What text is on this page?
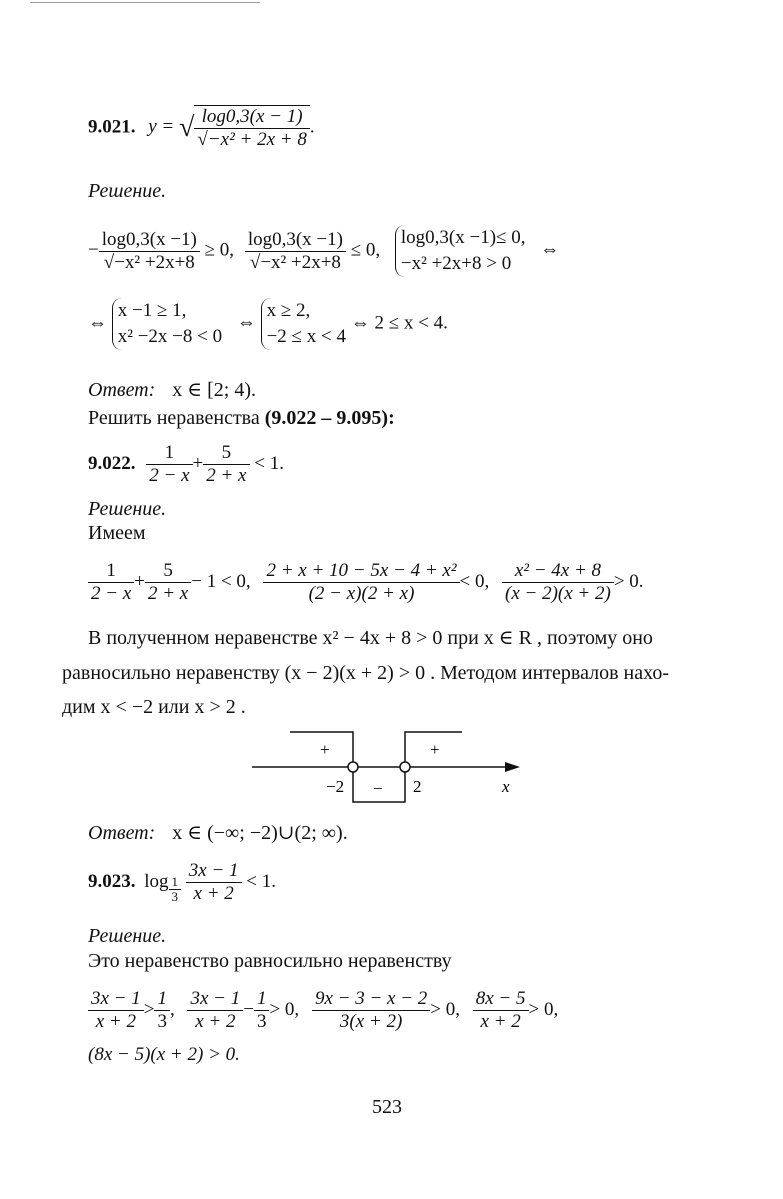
9.021. y = √ $\frac{\log 0,3(x - 1)}{\text{√−x² + 2x + 8}}$ .
Решение.
− $\frac{\log 0,3(x -1)}{\text{√−x² +2x+8}} \ge 0$, $\frac{\log 0,3(x -1)}{\text{√−x² +2x+8}} \le 0$,
log0,3(x −1)≤ 0,
−x² +2x+8 > 0
⇔
⇔
x −1 ≥ 1,
x² −2x −8 < 0
⇔
x ≥ 2,
−2 ≤ x < 4
⇔ 2 ≤ x < 4.
Ответ: x ∈ [2; 4).
Решить неравенства (9.022 – 9.095):
9.022. $\frac{1}{2 - x} + \frac{5}{2 + x} < 1$.
Решение.
Имеем
$\frac{1}{2 - x} + \frac{5}{2 + x} - 1 < 0$, $\frac{\text{2 + x + 10 − 5x − 4 + x²}}{(2 - x)(2 + x)} < 0$, $\frac{\text{x² − 4x + 8}}{(x - 2)(x + 2)} > 0$.
В полученном неравенстве x² − 4x + 8 > 0 при x ∈ R , поэтому оно
равносильно неравенству (x − 2)(x + 2) > 0 . Методом интервалов нахо-
дим x < −2 или x > 2 .
+	+
−
−2	2	x
Ответ: x ∈ (−∞; −2)∪(2; ∞).
9.023. $\log \frac{1}{3}$
$\frac{3x - 1}{x + 2} < 1$.
Решение.
Это неравенство равносильно неравенству
$\frac{3x - 1}{x + 2} > \frac{1}{3}$ , $\frac{3x - 1}{x + 2} - \frac{1}{3} > 0$, $\frac{9x - 3 - x - 2}{3(x + 2)} > 0$, $\frac{8x - 5}{x + 2} > 0$,
(8x − 5)(x + 2) > 0.
523
